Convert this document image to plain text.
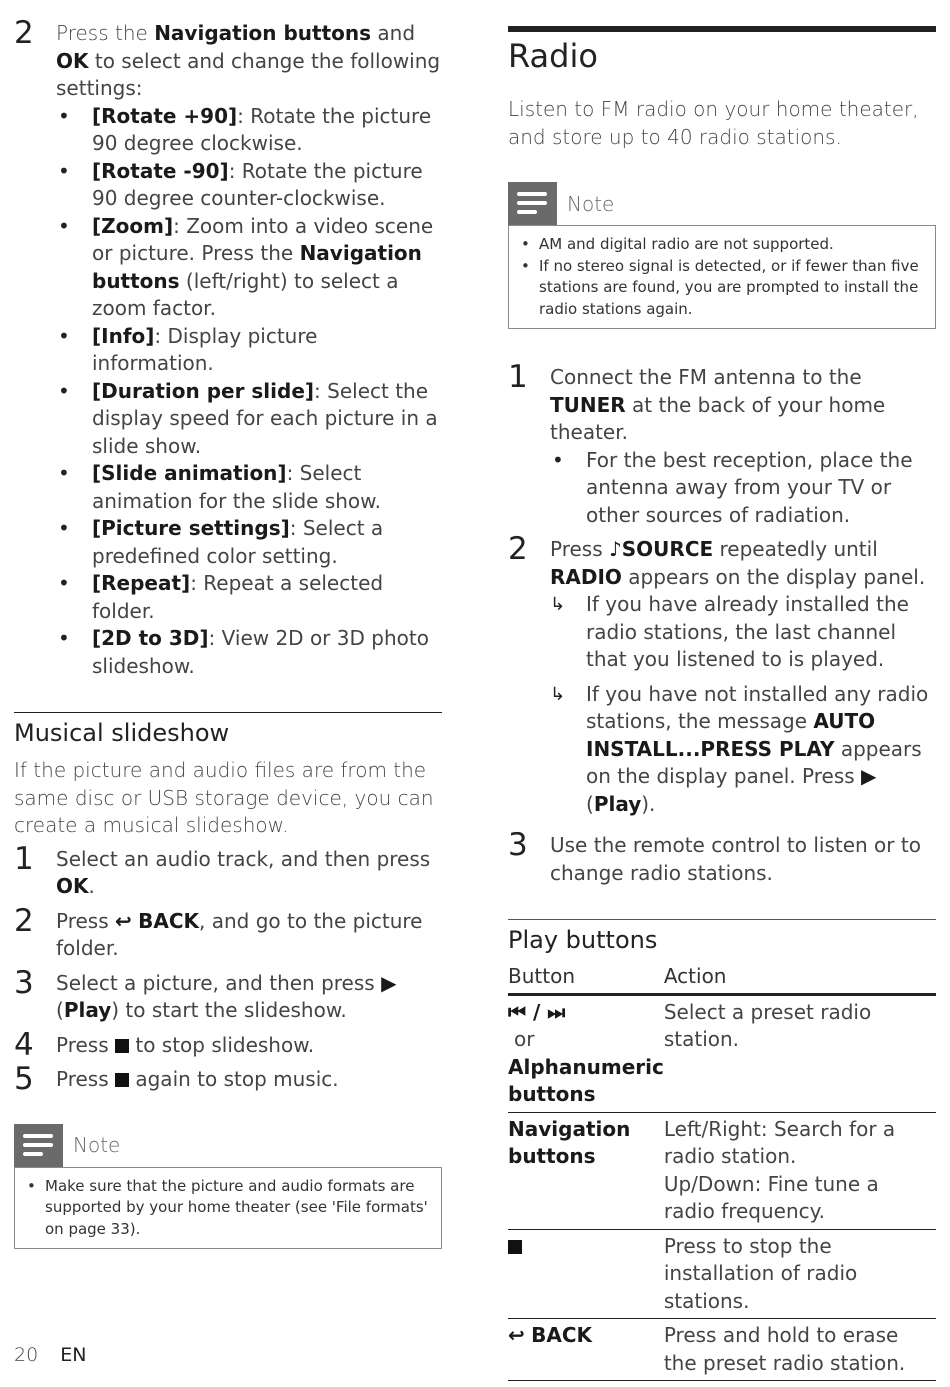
2 Press the Navigation buttons and OK to select and change the following settings:
• [Rotate +90]: Rotate the picture 90 degree clockwise.
• [Rotate -90]: Rotate the picture 90 degree counter-clockwise.
• [Zoom]: Zoom into a video scene or picture. Press the Navigation buttons (left/right) to select a zoom factor.
• [Info]: Display picture information.
• [Duration per slide]: Select the display speed for each picture in a slide show.
• [Slide animation]: Select animation for the slide show.
• [Picture settings]: Select a predefined color setting.
• [Repeat]: Repeat a selected folder.
• [2D to 3D]: View 2D or 3D photo slideshow.
Musical slideshow
If the picture and audio files are from the same disc or USB storage device, you can create a musical slideshow.
1 Select an audio track, and then press OK.
2 Press ↩ BACK, and go to the picture folder.
3 Select a picture, and then press ▶ (Play) to start the slideshow.
4 Press  to stop slideshow.
5 Press  again to stop music.
Note
• Make sure that the picture and audio formats are supported by your home theater (see 'File formats' on page 33).
Radio
Listen to FM radio on your home theater, and store up to 40 radio stations.
Note
• AM and digital radio are not supported.
• If no stereo signal is detected, or if fewer than five stations are found, you are prompted to install the radio stations again.
1 Connect the FM antenna to the TUNER at the back of your home theater.
• For the best reception, place the antenna away from your TV or other sources of radiation.
2 Press ♪SOURCE repeatedly until RADIO appears on the display panel.
↳ If you have already installed the radio stations, the last channel that you listened to is played.
↳ If you have not installed any radio stations, the message AUTO INSTALL...PRESS PLAY appears on the display panel. Press ▶ (Play).
3 Use the remote control to listen or to change radio stations.
Play buttons
Button	Action
⏮ / ⏭
or
Alphanumeric buttons	Select a preset radio station.
Navigation buttons	Left/Right: Search for a radio station.
Up/Down: Fine tune a radio frequency.

	Press to stop the installation of radio stations.
↩ BACK	Press and hold to erase the preset radio station.
20 EN
